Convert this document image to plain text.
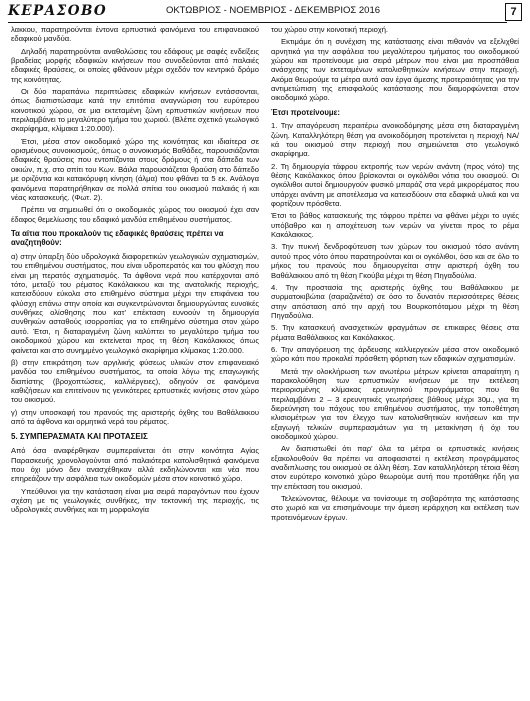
ΚΕΡΑΣΟΒΟ	ΟΚΤΩΒΡΙΟΣ - ΝΟΕΜΒΡΙΟΣ - ΔΕΚΕΜΒΡΙΟΣ 2016	7

λακκου, παρατηρούνται έντονα ερπυστικά φαινόμενα του επιφανειακού εδαφικού μανδύα.

Δηλαδή παρατηρούνται αναθολώσεις του εδάφους με σαφές ενδείξεις βραδείας μορφής εδαφικών κινήσεων που συνοδεύονται από παλαιές εδαφικές θραύσεις, οι οποίες φθάνουν μέχρι σχεδόν τον κεντρικό δρόμο της κοινότητας.

Οι δύο παραπάνω περιπτώσεις εδαφικών κινήσεων εντάσσονται, όπως διαπιστώσαμε κατά την επιτόπια αναγνώριση του ευρύτερου κοινοτικού χώρου, σε μια εκτεταμένη ζώνη ερπυστικών κινήσεων που περιλαμβάνει το μεγαλύτερο τμήμα του χωριού. (Βλέπε σχετικό γεωλογικό σκαρίφημα, κλίμακα 1:20.000).

Έτσι, μέσα στον οικοδομικό χώρο της κοινότητας και ιδιαίτερα σε ορισμένους συνοικισμούς, όπως ο συνοικισμός Βαθάδες, παρουσιάζονται εδαφικές θραύσεις που εντοπίζονται στους δρόμους ή στα δάπεδα των οικιών, π.χ. στο σπίτι του Κων. Βάιλα παρουσιάζεται θραύση στο δάπεδο με οριζόντια και κατακόρυφη κίνηση (άλμα) που φθάνει τα 5 εκ. Ανάλογα φαινόμενα παρατηρήθηκαν σε πολλά σπίτια του οικισμού παλαιάς ή και νέας κατασκευής. (Φωτ. 2).

Πρέπει να σημειωθεί ότι ο οικοδομικός χώρος του οικισμού έχει σαν έδαφος θεμελίωσης του εδαφικό μανδύα επιθημένου συστήματος.

Τα αίτια που προκαλούν τις εδαφικές θραύσεις πρέπει να αναζητηθούν:

α) στην ύπαρξη δύο υδρολογικά διαφορετικών γεωλογικών σχηματισμών, του επιθημένου συστήματος, που είναι υδροπερατός και του φλύσχη που είναι μη περατός σχηματισμός. Τα άφθονα νερά που κατέρχονται από τότο, μεταξύ του ρέματος Κακόλακκου και της ανατολικής περιοχής, κατεισδύουν εύκολα στο επιθημένο σύστημα μέχρι την επιφάνεια του φλύσχη επάνω στην οποία και συγκεντρώνονται δημιουργώντας ευνοϊκές συνθήκες ολίσθησης που κατ' επέκταση ευνοούν τη δημιουργία συνθηκών ασταθούς ισορροπίας για το επιθημένο σύστημα στον χώρο αυτό. Έτσι, η διαταραγμένη ζώνη καλύπτει το μεγαλύτερο τμήμα του οικοδομικού χώρου και εκτείνεται προς τη θέση Κακόλακκος όπως φαίνεται και στο συνημμένο γεωλογικό σκαρίφημα κλίμακας 1:20.000.

β) στην επικράτηση των αργιλικής φύσεως υλικών στον επιφανειακό μανδύα του επιθημένου συστήματος, τα οποία λόγω της επαγωγικής διαπίστης (βροχοπτώσεις, καλλιέργειες), οδηγούν σε φαινόμενα καθιζήσεων και επιτείνουν τις γενικότερες ερπυστικές κινήσεις στον χώρο του οικισμού.

γ) στην υποσκαφή του πρανούς της αριστερής όχθης του Βαθάλακκου από τα άφθονα και ορμητικά νερά του ρέματος.

5. ΣΥΜΠΕΡΑΣΜΑΤΑ ΚΑΙ ΠΡΟΤΑΣΕΙΣ

Από όσα αναφέρθηκαν συμπεραίνεται ότι στην κοινότητα Αγίας Παρασκευής χρονολογούνται από παλαιότερα κατολισθητικά φαινόμενα που όχι μόνο δεν ανασχέθηκαν αλλά εκδηλώνονται και νέα που επηρεάζουν την ασφάλεια των οικοδομών μέσα στον κοινοτικό χώρο.

Υπεύθυνοι για την κατάσταση είναι μια σειρά παραγόντων που έχουν σχέση με τις γεωλογικές συνθήκες, την τεκτονική της περιοχής, τις υδρολογικές συνθήκες και τη μορφολογία

του χώρου στην κοινοτική περιοχή.

Εκτιμάμε ότι η συνέχιση της κατάστασης είναι πιθανόν να εξελιχθεί αρνητικά για την ασφάλεια του μεγαλύτερου τμήματος του οικοδομικού χώρου και προτείνουμε μια σειρά μέτρων που είναι μια προσπάθεια ανάσχεσης των εκτεταμένων κατολισθητικών κινήσεων στην περιοχή. Ακόμα θεωρούμε τα μέτρα αυτά σαν έργα άμεσης προτεραιότητας για την αντιμετώπιση της επισφαλούς κατάστασης που διαμορφώνεται στον οικοδομικό χώρο.

Έτσι προτείνουμε:
1. Την απαγόρευση περαιτέρω ανοικοδόμησης μέσα στη διαταραγμένη ζώνη. Καταλληλότερη θέση για ανοικοδόμηση προτείνεται η περιοχή ΝΑ/κά του οικισμού στην περιοχή που σημειώνεται στο γεωλογικό σκαρίφημα.
2. Τη δημιουργία τάφρου εκτροπής των νερών ανάντη (προς νότο) της θέσης Κακόλακκος όπου βρίσκονται οι ογκόλιθοι νότια του οικισμού. Οι ογκόλιθοι αυτοί δημιουργούν φυσικό μπαράζ στα νερά μικρορέματος που υπάρχει ανάντη με αποτέλεσμα να κατεισδύουν στα εδαφικά υλικά και να φορτίζουν πρόσθετα.
Έτσι το βάθος κατασκευής της τάφρου πρέπει να φθάνει μέχρι το υγιές υπόβαθρο και η αποχέτευση των νερών να γίνεται προς το ρέμα Κακόλακκος.
3. Την πυκνή δενδροφύτευση των χώρων του οικισμού τόσο ανάντη αυτού προς νότο όπου παρατηρούνται και οι ογκόλιθοι, όσο και σε όλο το μήκος του πρανούς που δημιουργείται στην αριστερή όχθη του Βαθάλακκου από τη θέση Γκούβα μέχρι τη θέση Πηγαδούλια.
4. Την προστασία της αριστερής όχθης του Βαθάλακκου με συρματοκιβώτια (σαραζανέτα) σε όσο το δυνατόν περισσότερες θέσεις στην απόσταση από την αρχή του Βουρκοπόταμου μέχρι τη θέση Πηγαδούλια.
5. Την κατασκευή ανασχετικών φραγμάτων σε επικαιρες θέσεις στα ρέματα Βαθάλακκος και Κακόλακκος.
6. Την απαγόρευση της άρδευσης καλλιεργειών μέσα στον οικοδομικό χώρο κάτι που προκαλεί πρόσθετη φόρτιση των εδαφικών σχηματισμών.

Μετά την ολοκλήρωση των ανωτέρω μέτρων κρίνεται απαραίτητη η παρακολούθηση των ερπυστικών κινήσεων με την εκτέλεση περιορισμένης κλίμακας ερευνητικού προγράμματος που θα περιλαμβάνει 2 – 3 ερευνητικές γεωτρήσεις βάθους μέχρι 30μ., για τη διερεύνηση του πάχους του επιθημένου συστήματος, την τοποθέτηση κλισιομέτρων για τον έλεγχο των κατολισθητικών κινήσεων και την εξαγωγή τελικών συμπερασμάτων για τη μετακίνηση ή όχι του οικοδομικού χώρου.

Αν διαπιστωθεί ότι παρ' όλα τα μέτρα οι ερπυστικές κινήσεις εξακολουθούν θα πρέπει να αποφασιστεί η εκτέλεση προγράμματος αναδιπλωσης του οικισμού σε άλλη θέση. Σαν καταλληλότερη τέτοια θέση στον ευρύτερο κοινοτικό χώρο θεωρούμε αυτή που προτάθηκε ήδη για την επέκταση του οικισμού.

Τελειώνοντας, θέλουμε να τονίσουμε τη σοβαρότητα της κατάστασης στο χωριό και να επισημάνουμε την άμεση ιεράρχηση και εκτέλεση των προτεινόμενων έργων.
